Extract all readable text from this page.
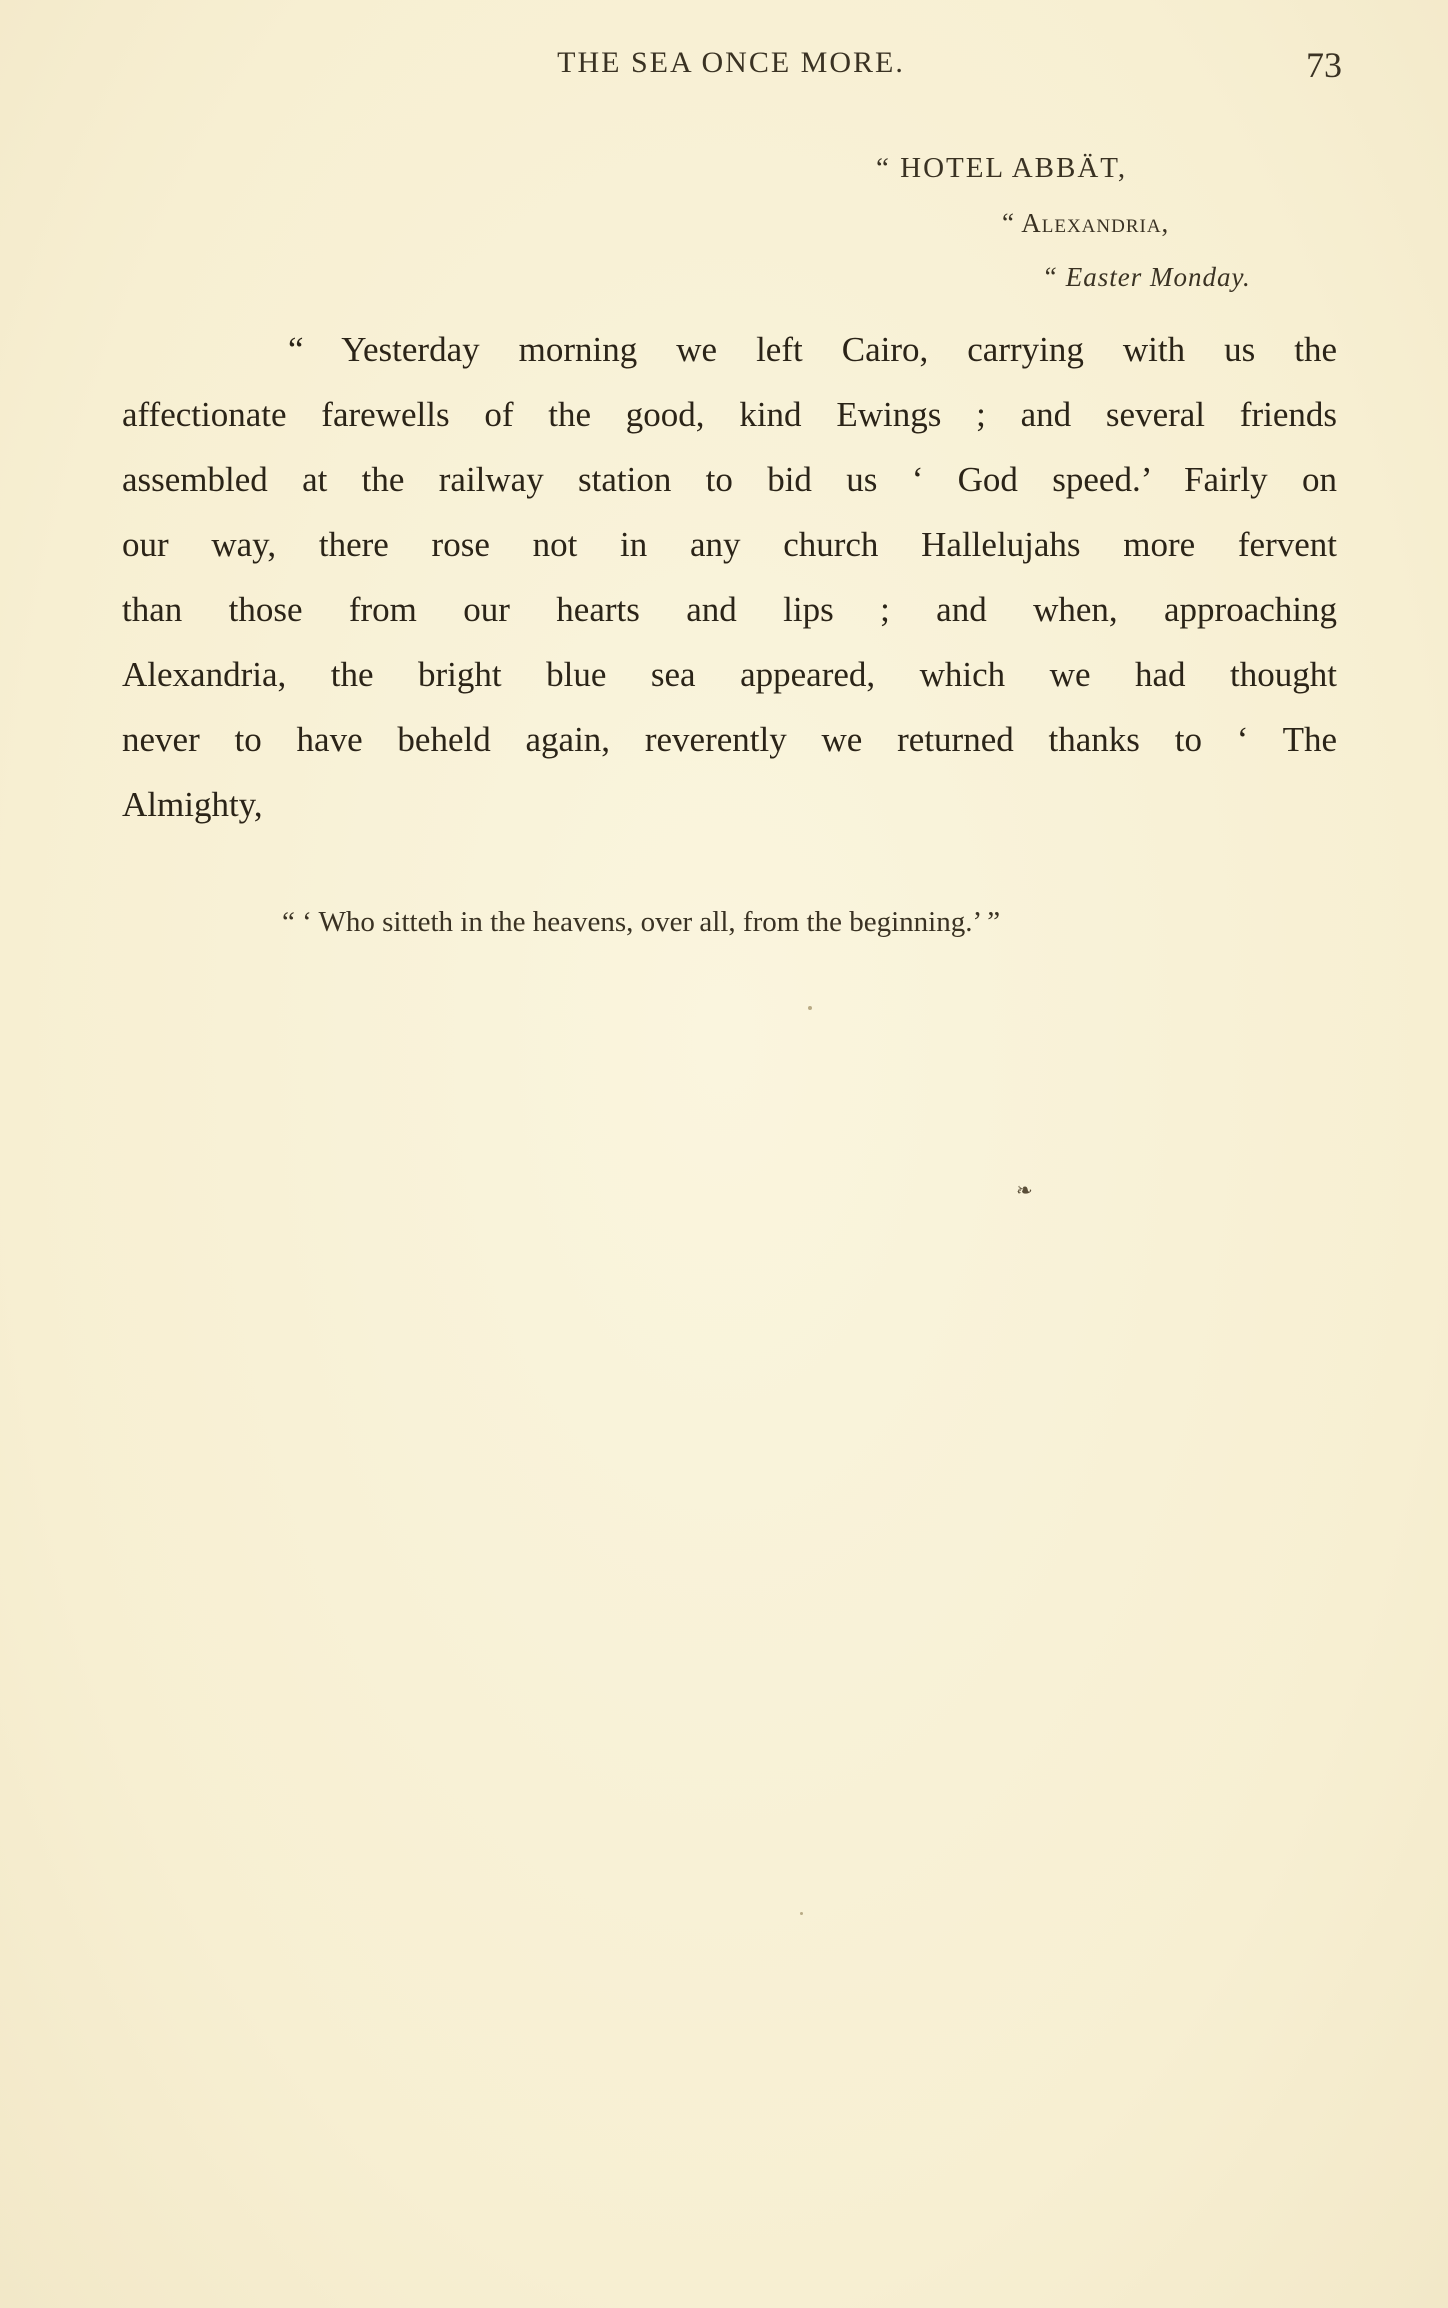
THE SEA ONCE MORE.	73
“ HOTEL ABBÄT,
“ Alexandria,
“ Easter Monday.
“ Yesterday morning we left Cairo, carrying with us the
affectionate farewells of the good, kind Ewings ; and several friends
assembled at the railway station to bid us ‘ God speed.’ Fairly on
our way, there rose not in any church Hallelujahs more fervent
than those from our hearts and lips ; and when, approaching
Alexandria, the bright blue sea appeared, which we had thought
never to have beheld again, reverently we returned thanks to ‘ The
Almighty,
“ ‘ Who sitteth in the heavens, over all, from the beginning.’ ”
❧
